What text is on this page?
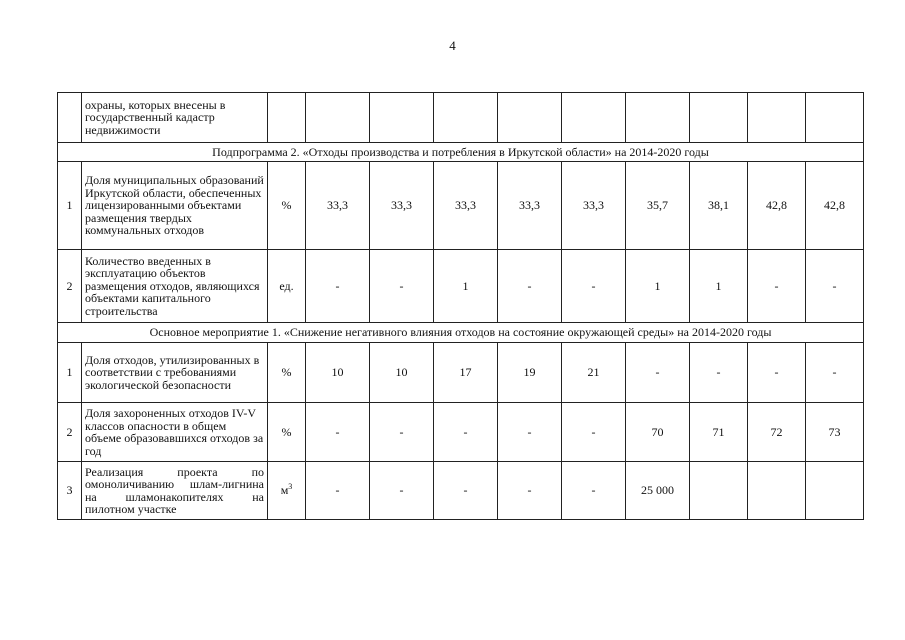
4
	охраны, которых внесены в государственный кадастр недвижимости										
Подпрограмма 2. «Отходы производства и потребления в Иркутской области» на 2014-2020 годы											
1	Доля муниципальных образований Иркутской области, обеспеченных лицензированными объектами размещения твердых коммунальных отходов	%	33,3	33,3	33,3	33,3	33,3	35,7	38,1	42,8	42,8
2	Количество введенных в эксплуатацию объектов размещения отходов, являющихся объектами капитального строительства	ед.	-	-	1	-	-	1	1	-	-
Основное мероприятие 1. «Снижение негативного влияния отходов на состояние окружающей среды» на 2014-2020 годы											
1	Доля отходов, утилизированных в соответствии с требованиями экологической безопасности	%	10	10	17	19	21	-	-	-	-
2	Доля захороненных отходов IV-V классов опасности в общем объеме образовавшихся отходов за год	%	-	-	-	-	-	70	71	72	73
3	Реализация проекта по омоноличиванию шлам-лигнина на шламонакопителях на пилотном участке	$м^3$	-	-	-	-	-	25 000			
